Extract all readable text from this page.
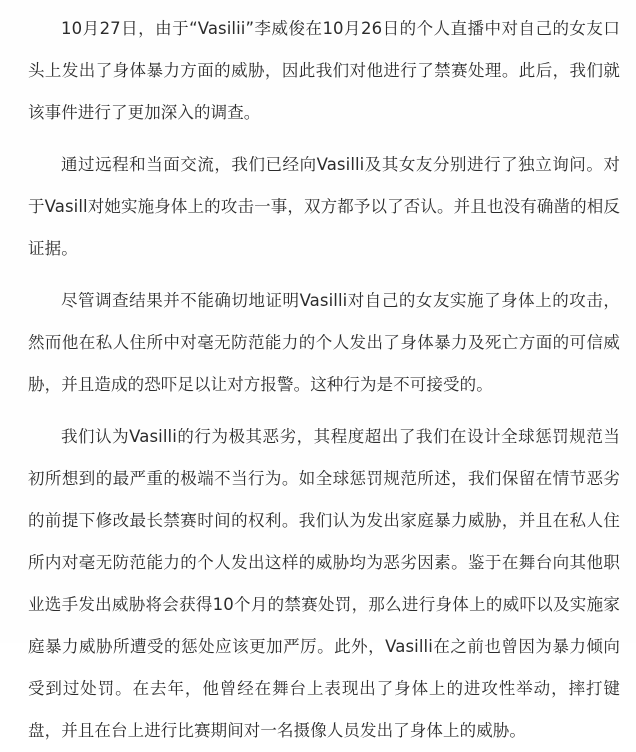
10月27日，由于“Vasilii”李威俊在10月26日的个人直播中对自己的女友口头上发出了身体暴力方面的威胁，因此我们对他进行了禁赛处理。此后，我们就该事件进行了更加深入的调查。

通过远程和当面交流，我们已经向Vasilli及其女友分别进行了独立询问。对于Vasill对她实施身体上的攻击一事，双方都予以了否认。并且也没有确凿的相反证据。

尽管调查结果并不能确切地证明Vasilli对自己的女友实施了身体上的攻击，然而他在私人住所中对毫无防范能力的个人发出了身体暴力及死亡方面的可信威胁，并且造成的恐吓足以让对方报警。这种行为是不可接受的。

我们认为Vasilli的行为极其恶劣，其程度超出了我们在设计全球惩罚规范当初所想到的最严重的极端不当行为。如全球惩罚规范所述，我们保留在情节恶劣的前提下修改最长禁赛时间的权利。我们认为发出家庭暴力威胁，并且在私人住所内对毫无防范能力的个人发出这样的威胁均为恶劣因素。鉴于在舞台向其他职业选手发出威胁将会获得10个月的禁赛处罚，那么进行身体上的威吓以及实施家庭暴力威胁所遭受的惩处应该更加严厉。此外，Vasilli在之前也曾因为暴力倾向受到过处罚。在去年，他曾经在舞台上表现出了身体上的进攻性举动，摔打键盘，并且在台上进行比赛期间对一名摄像人员发出了身体上的威胁。
